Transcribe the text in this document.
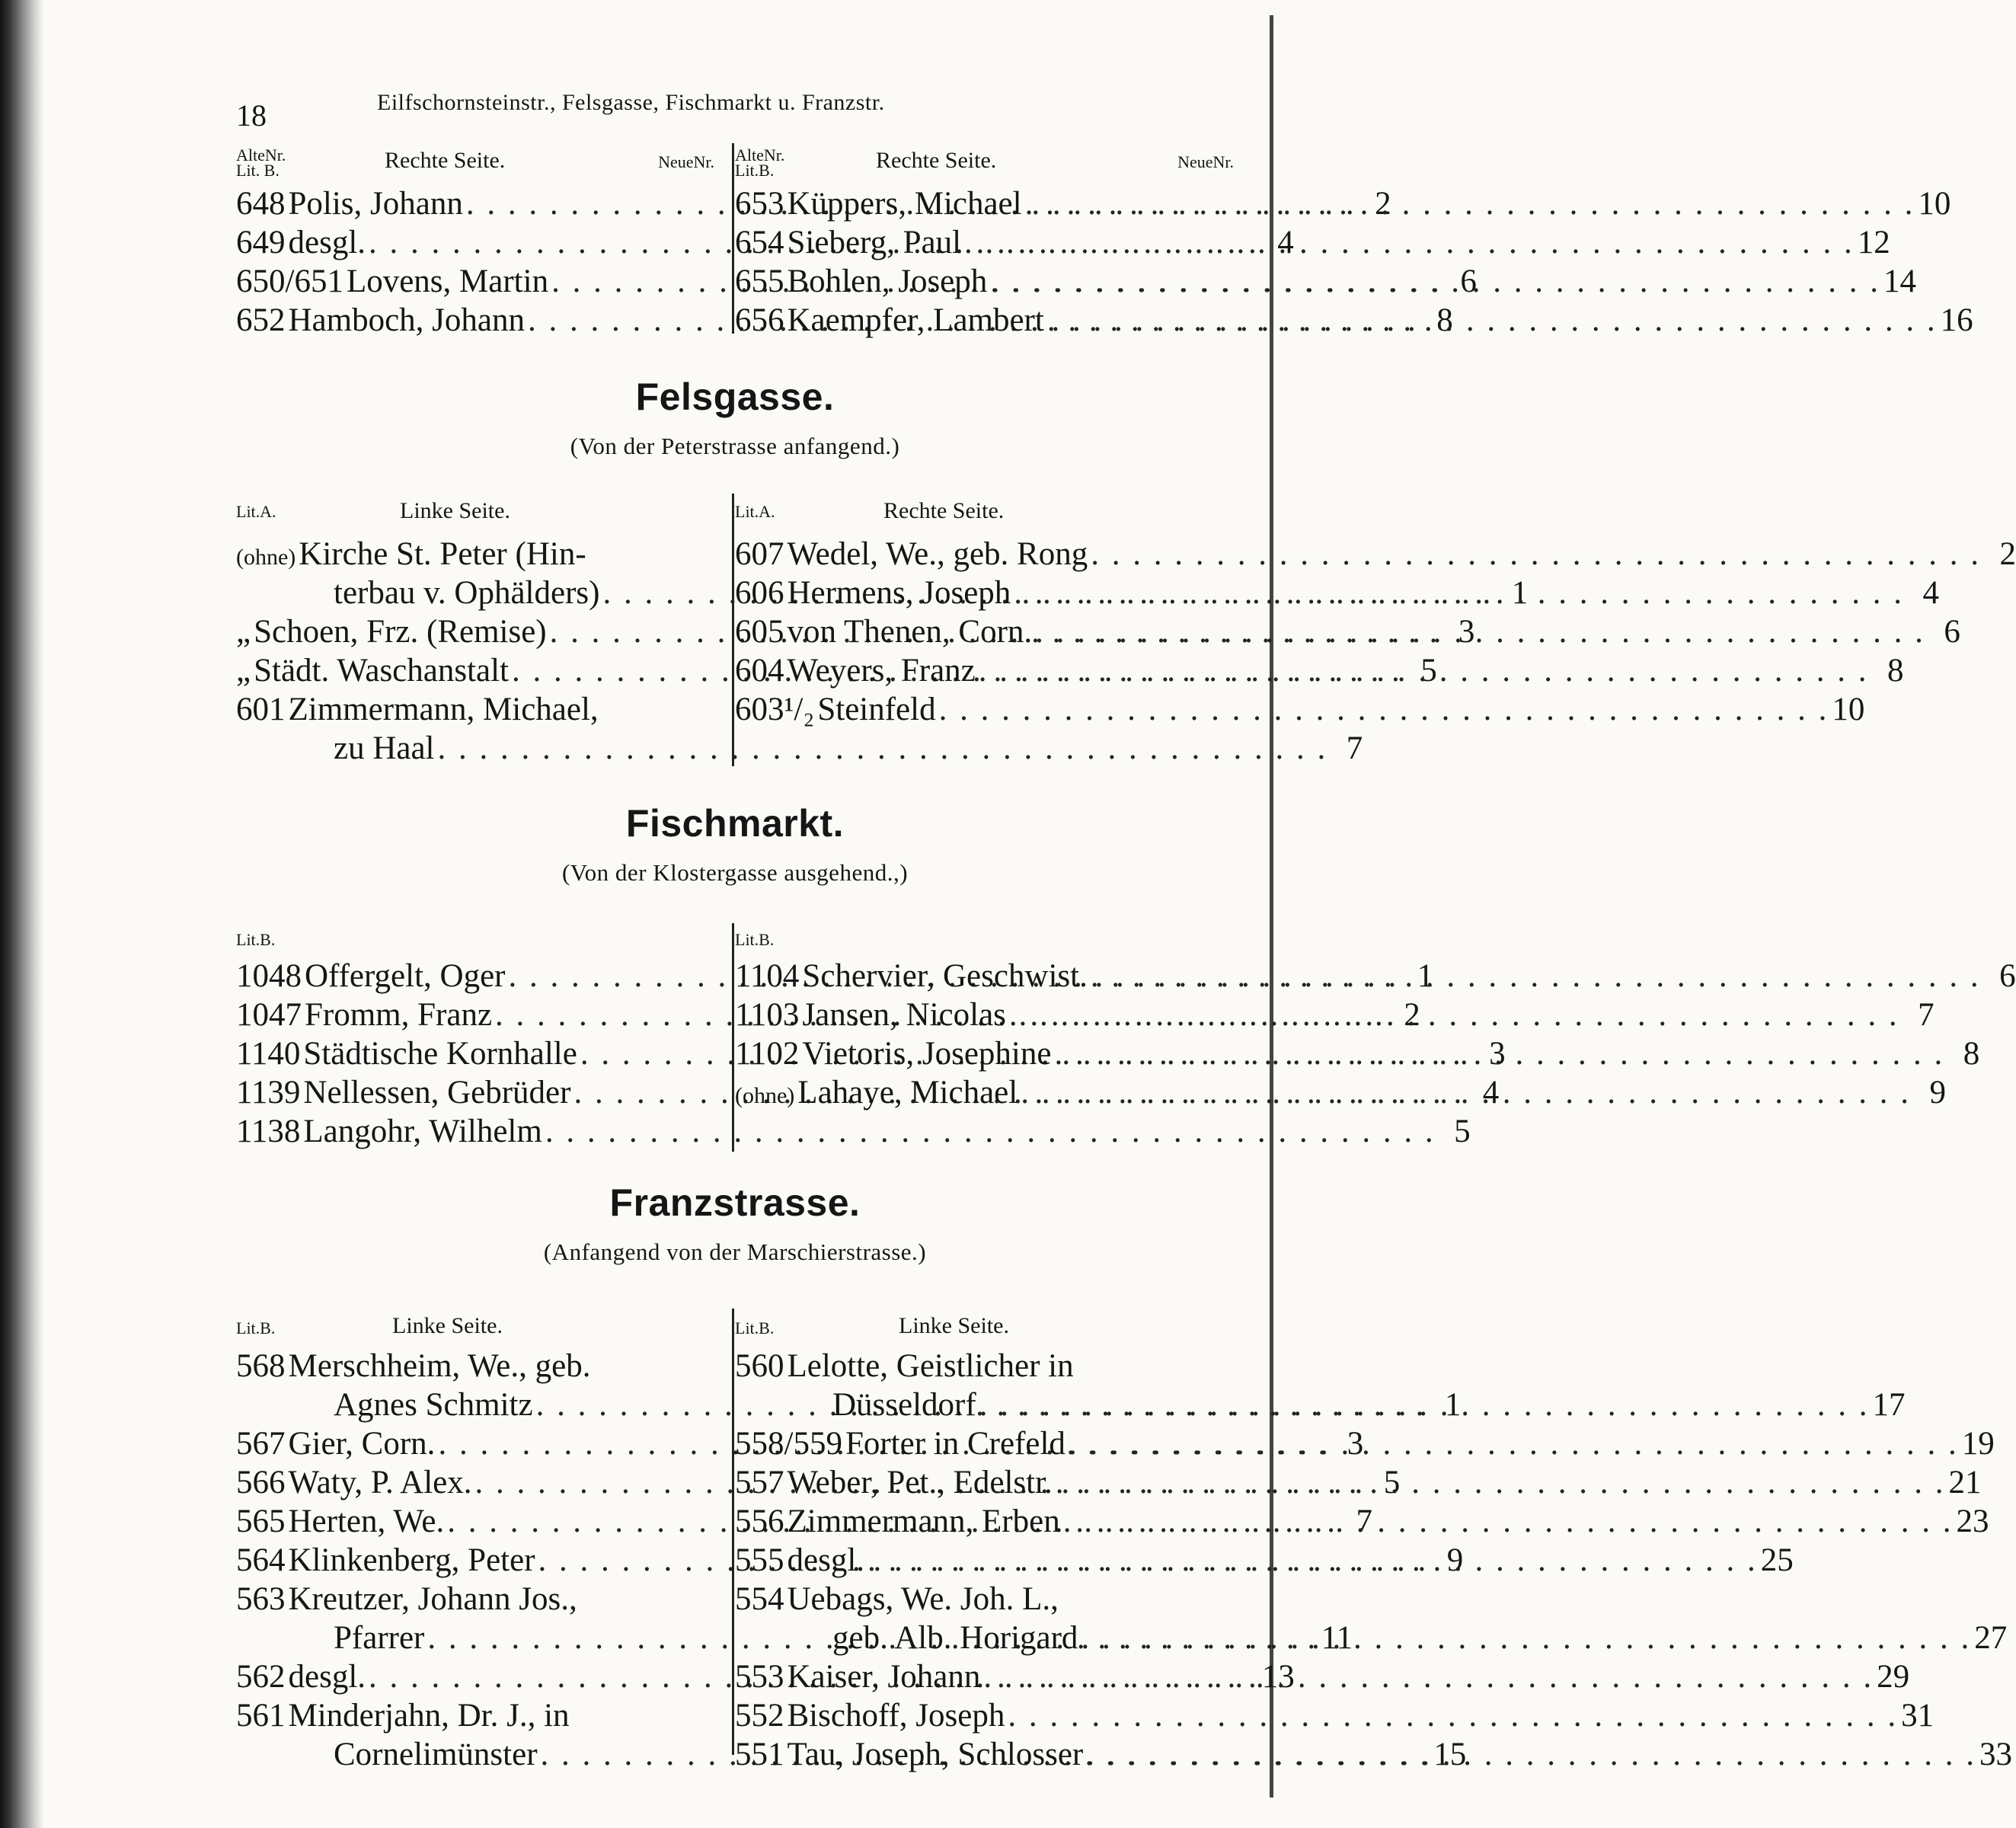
18	Eilfschornsteinstr., Felsgasse, Fischmarkt u. Franzstr.
AlteNr.
Lit. B.	Rechte Seite.	NeueNr.
648 Polis, Johann . . .	2
649 desgl. . . .	4
650/651 Lovens, Martin . . .	6
652 Hamboch, Johann . . .	8
AlteNr.
Lit.B.	Rechte Seite.	NeueNr.
653 Küppers, Michael . . .	10
654 Sieberg, Paul . . .	12
655 Bohlen, Joseph . . .	14
656 Kaempfer, Lambert . . .	16
Felsgasse.
(Von der Peterstrasse anfangend.)
Lit.A.	Linke Seite.
(ohne) Kirche St. Peter (Hin-
terbau v. Ophälders) . . .	1
„ Schoen, Frz. (Remise) . . .	3
„ Städt. Waschanstalt . . .	5
601 Zimmermann, Michael,
zu Haal . . .	7
Lit.A.	Rechte Seite.
607 Wedel, We., geb. Rong . . .	2
606 Hermens, Joseph . . .	4
605 von Thenen, Corn. . . .	6
604 Weyers, Franz . . .	8
603¹/₂ Steinfeld . . .	10
Fischmarkt.
(Von der Klostergasse ausgehend.,)
Lit.B.
1048 Offergelt, Oger . . .	1
1047 Fromm, Franz . . .	2
1140 Städtische Kornhalle . . .	3
1139 Nellessen, Gebrüder . . .	4
1138 Langohr, Wilhelm . . .	5
Lit.B.
1104 Schervier, Geschwist. . . .	6
1103 Jansen, Nicolas . . .	7
1102 Vietoris, Josephine . . .	8
(ohne) Lahaye, Michael . . .	9
Franzstrasse.
(Anfangend von der Marschierstrasse.)
Lit.B.	Linke Seite.
568 Merschheim, We., geb.
Agnes Schmitz . . .	1
567 Gier, Corn. . . .	3
566 Waty, P. Alex. . . .	5
565 Herten, We. . . .	7
564 Klinkenberg, Peter . . .	9
563 Kreutzer, Johann Jos.,
Pfarrer . . .	11
562 desgl. . . .	13
561 Minderjahn, Dr. J., in
Cornelimünster . . .	15
Lit.B.	Linke Seite.
560 Lelotte, Geistlicher in
Düsseldorf . . .	17
558/559 Forter in Crefeld . . .	19
557 Weber, Pet., Edelstr. . . .	21
556 Zimmermann, Erben . . .	23
555 desgl. . . .	25
554 Uebags, We. Joh. L.,
geb. Alb. Horigard . . .	27
553 Kaiser, Johann . . .	29
552 Bischoff, Joseph . . .	31
551 Tau, Joseph, Schlosser . . .	33
